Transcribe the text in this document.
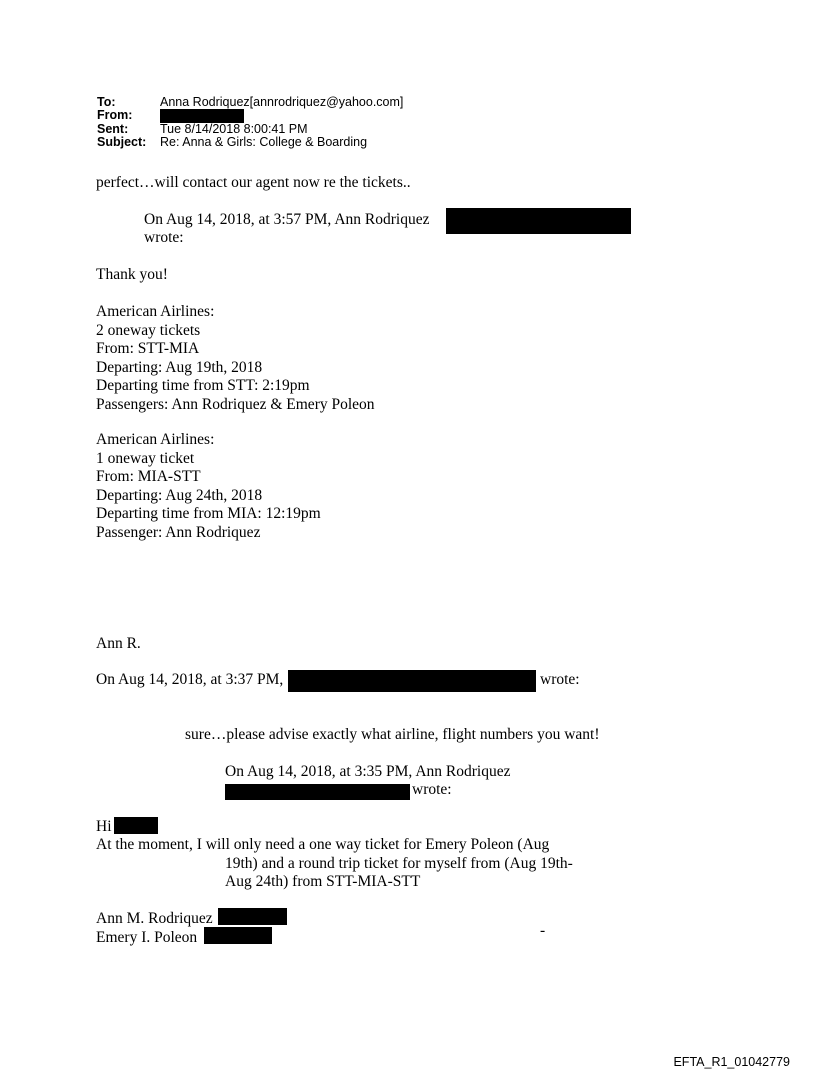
To:	Anna Rodriquez[annrodriquez@yahoo.com]
From:
Sent:	Tue 8/14/2018 8:00:41 PM
Subject:	Re: Anna & Girls: College & Boarding
perfect…will contact our agent now re the tickets..
On Aug 14, 2018, at 3:57 PM, Ann Rodriquez
wrote:
Thank you!
American Airlines:
2 oneway tickets
From: STT-MIA
Departing: Aug 19th, 2018
Departing time from STT: 2:19pm
Passengers: Ann Rodriquez & Emery Poleon
American Airlines:
1 oneway ticket
From: MIA-STT
Departing: Aug 24th, 2018
Departing time from MIA: 12:19pm
Passenger: Ann Rodriquez
Ann R.
On Aug 14, 2018, at 3:37 PM,	wrote:
sure…please advise exactly what airline, flight numbers you want!
On Aug 14, 2018, at 3:35 PM, Ann Rodriquez
wrote:
Hi
At the moment, I will only need a one way ticket for Emery Poleon (Aug
19th) and a round trip ticket for myself from (Aug 19th-
Aug 24th) from STT-MIA-STT
Ann M. Rodriquez
Emery I. Poleon	-
EFTA_R1_01042779
